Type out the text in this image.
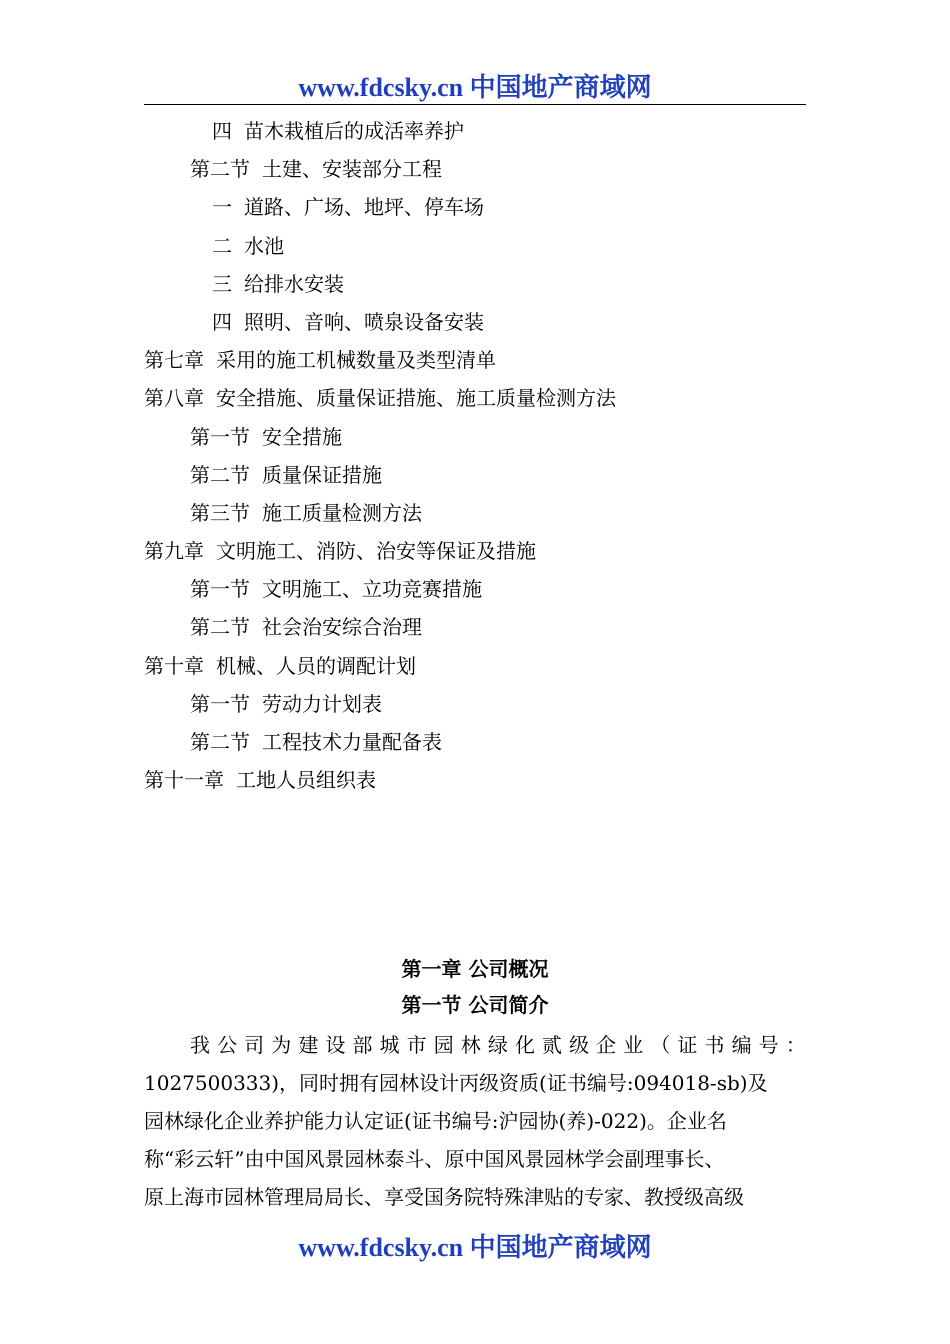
www.fdcsky.cn 中国地产商域网
四 苗木栽植后的成活率养护
第二节 土建、安装部分工程
一 道路、广场、地坪、停车场
二 水池
三 给排水安装
四 照明、音响、喷泉设备安装
第七章 采用的施工机械数量及类型清单
第八章 安全措施、质量保证措施、施工质量检测方法
第一节 安全措施
第二节 质量保证措施
第三节 施工质量检测方法
第九章 文明施工、消防、治安等保证及措施
第一节 文明施工、立功竞赛措施
第二节 社会治安综合治理
第十章 机械、人员的调配计划
第一节 劳动力计划表
第二节 工程技术力量配备表
第十一章 工地人员组织表
第一章 公司概况
第一节 公司简介
我 公 司 为 建 设 部 城 市 园 林 绿 化 贰 级 企 业 （ 证 书 编 号 ：
1027500333)，同时拥有园林设计丙级资质(证书编号:094018-sb)及
园林绿化企业养护能力认定证(证书编号:沪园协(养)-022)。企业名
称“彩云轩”由中国风景园林泰斗、原中国风景园林学会副理事长、
原上海市园林管理局局长、享受国务院特殊津贴的专家、教授级高级
www.fdcsky.cn 中国地产商域网
